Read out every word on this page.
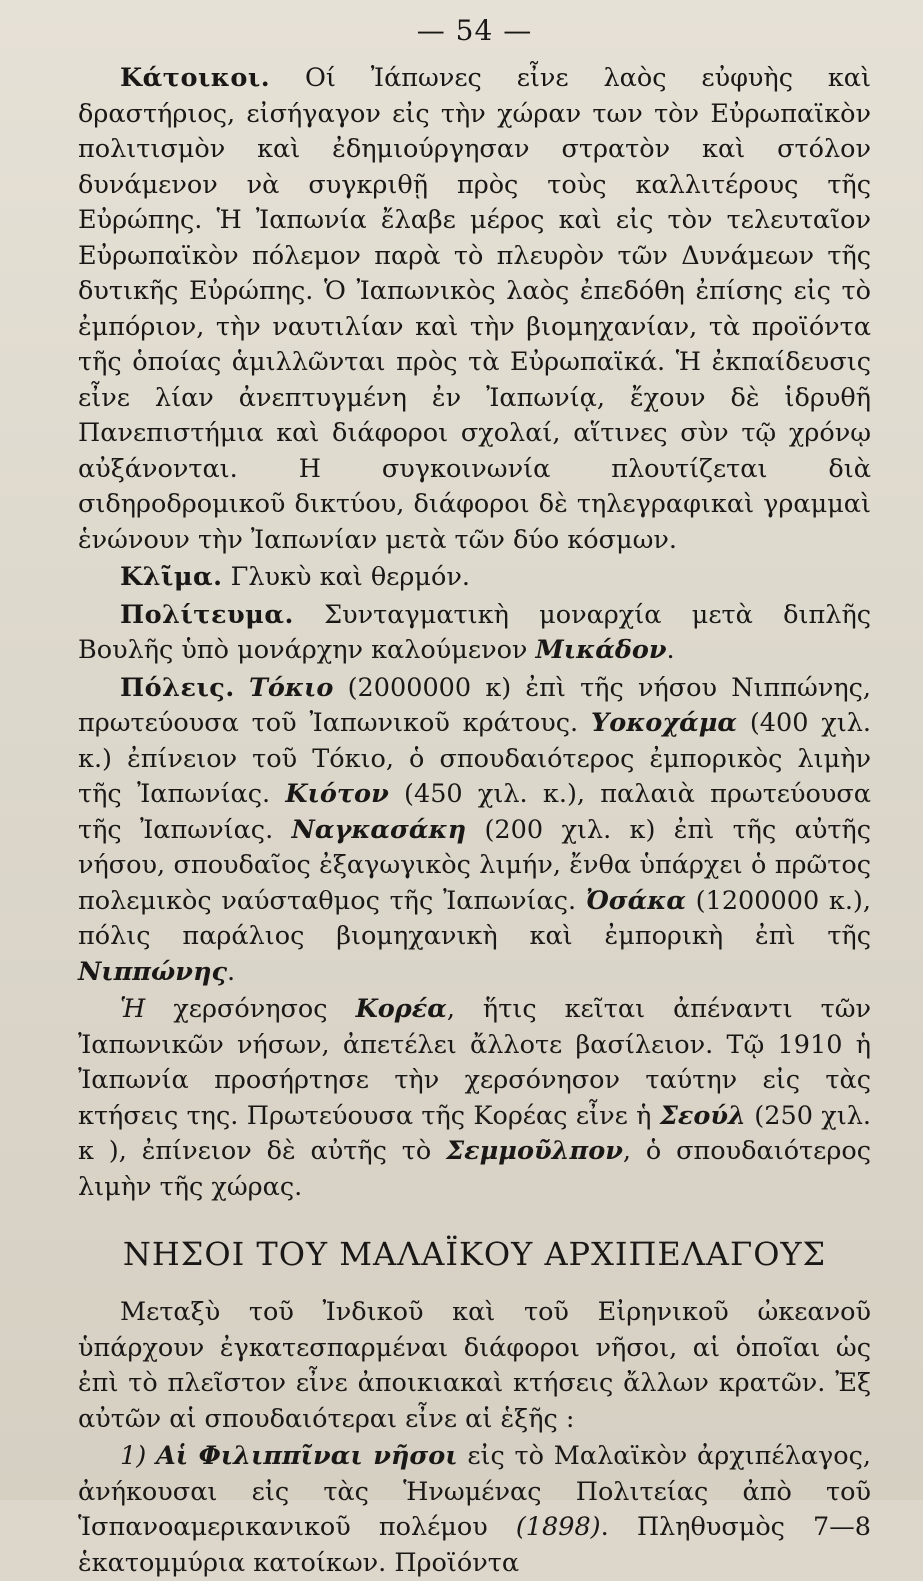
— 54 —

Κάτοικοι. Οί Ἰάπωνες εἶνε λαὸς εὐφυὴς καὶ δραστήριος, εἰσήγαγον εἰς τὴν χώραν των τὸν Εὐρωπαϊκὸν πολιτισμὸν καὶ ἐδημιούργησαν στρατὸν καὶ στόλον δυνάμενον νὰ συγκριθῇ πρὸς τοὺς καλλιτέρους τῆς Εὐρώπης. Ἡ Ἰαπωνία ἔλαβε μέρος καὶ εἰς τὸν τελευταῖον Εὐρωπαϊκὸν πόλεμον παρὰ τὸ πλευρὸν τῶν Δυνάμεων τῆς δυτικῆς Εὐρώπης. Ὁ Ἰαπωνικὸς λαὸς ἐπεδόθη ἐπίσης εἰς τὸ ἐμπόριον, τὴν ναυτιλίαν καὶ τὴν βιομηχανίαν, τὰ προϊόντα τῆς ὁποίας ἁμιλλῶνται πρὸς τὰ Εὐρωπαϊκά. Ἡ ἐκπαίδευσις εἶνε λίαν ἀνεπτυγμένη ἐν Ἰαπωνίᾳ, ἔχουν δὲ ἱδρυθῆ Πανεπιστήμια καὶ διάφοροι σχολαί, αἵτινες σὺν τῷ χρόνῳ αὐξάνονται. Η συγκοινωνία πλουτίζεται διὰ σιδηροδρομικοῦ δικτύου, διάφοροι δὲ τηλεγραφικαὶ γραμμαὶ ἑνώνουν τὴν Ἰαπωνίαν μετὰ τῶν δύο κόσμων.

Κλῖμα. Γλυκὺ καὶ θερμόν.

Πολίτευμα. Συνταγματικὴ μοναρχία μετὰ διπλῆς Βουλῆς ὑπὸ μονάρχην καλούμενον Μικάδον.

Πόλεις. Τόκιο (2000000 κ) ἐπὶ τῆς νήσου Νιππώνης, πρωτεύουσα τοῦ Ἰαπωνικοῦ κράτους. Υοκοχάμα (400 χιλ. κ.) ἐπίνειον τοῦ Τόκιο, ὁ σπουδαιότερος ἐμπορικὸς λιμὴν τῆς Ἰαπωνίας. Κιότον (450 χιλ. κ.), παλαιὰ πρωτεύουσα τῆς Ἰαπωνίας. Ναγκασάκη (200 χιλ. κ) ἐπὶ τῆς αὐτῆς νήσου, σπουδαῖος ἐξαγωγικὸς λιμήν, ἔνθα ὑπάρχει ὁ πρῶτος πολεμικὸς ναύσταθμος τῆς Ἰαπωνίας. Ὀσάκα (1200000 κ.), πόλις παράλιος βιομηχανικὴ καὶ ἐμπορικὴ ἐπὶ τῆς Νιππώνης.

Ἡ χερσόνησος Κορέα, ἥτις κεῖται ἀπέναντι τῶν Ἰαπωνικῶν νήσων, ἀπετέλει ἄλλοτε βασίλειον. Τῷ 1910 ἡ Ἰαπωνία προσήρτησε τὴν χερσόνησον ταύτην εἰς τὰς κτήσεις της. Πρωτεύουσα τῆς Κορέας εἶνε ἡ Σεούλ (250 χιλ. κ ), ἐπίνειον δὲ αὐτῆς τὸ Σεμμοῦλπον, ὁ σπουδαιότερος λιμὴν τῆς χώρας.

ΝΗΣΟΙ ΤΟΥ ΜΑΛΑΪΚΟΥ ΑΡΧΙΠΕΛΑΓΟΥΣ

Μεταξὺ τοῦ Ἰνδικοῦ καὶ τοῦ Εἰρηνικοῦ ὠκεανοῦ ὑπάρχουν ἐγκατεσπαρμέναι διάφοροι νῆσοι, αἱ ὁποῖαι ὡς ἐπὶ τὸ πλεῖστον εἶνε ἀποικιακαὶ κτήσεις ἄλλων κρατῶν. Ἐξ αὐτῶν αἱ σπουδαιότεραι εἶνε αἱ ἑξῆς :

1) Αἱ Φιλιππῖναι νῆσοι εἰς τὸ Μαλαϊκὸν ἀρχιπέλαγος, ἀνήκουσαι εἰς τὰς Ἡνωμένας Πολιτείας ἀπὸ τοῦ Ἱσπανοαμερικανικοῦ πολέμου (1898). Πληθυσμὸς 7—8 ἑκατομμύρια κατοίκων. Προϊόντα
